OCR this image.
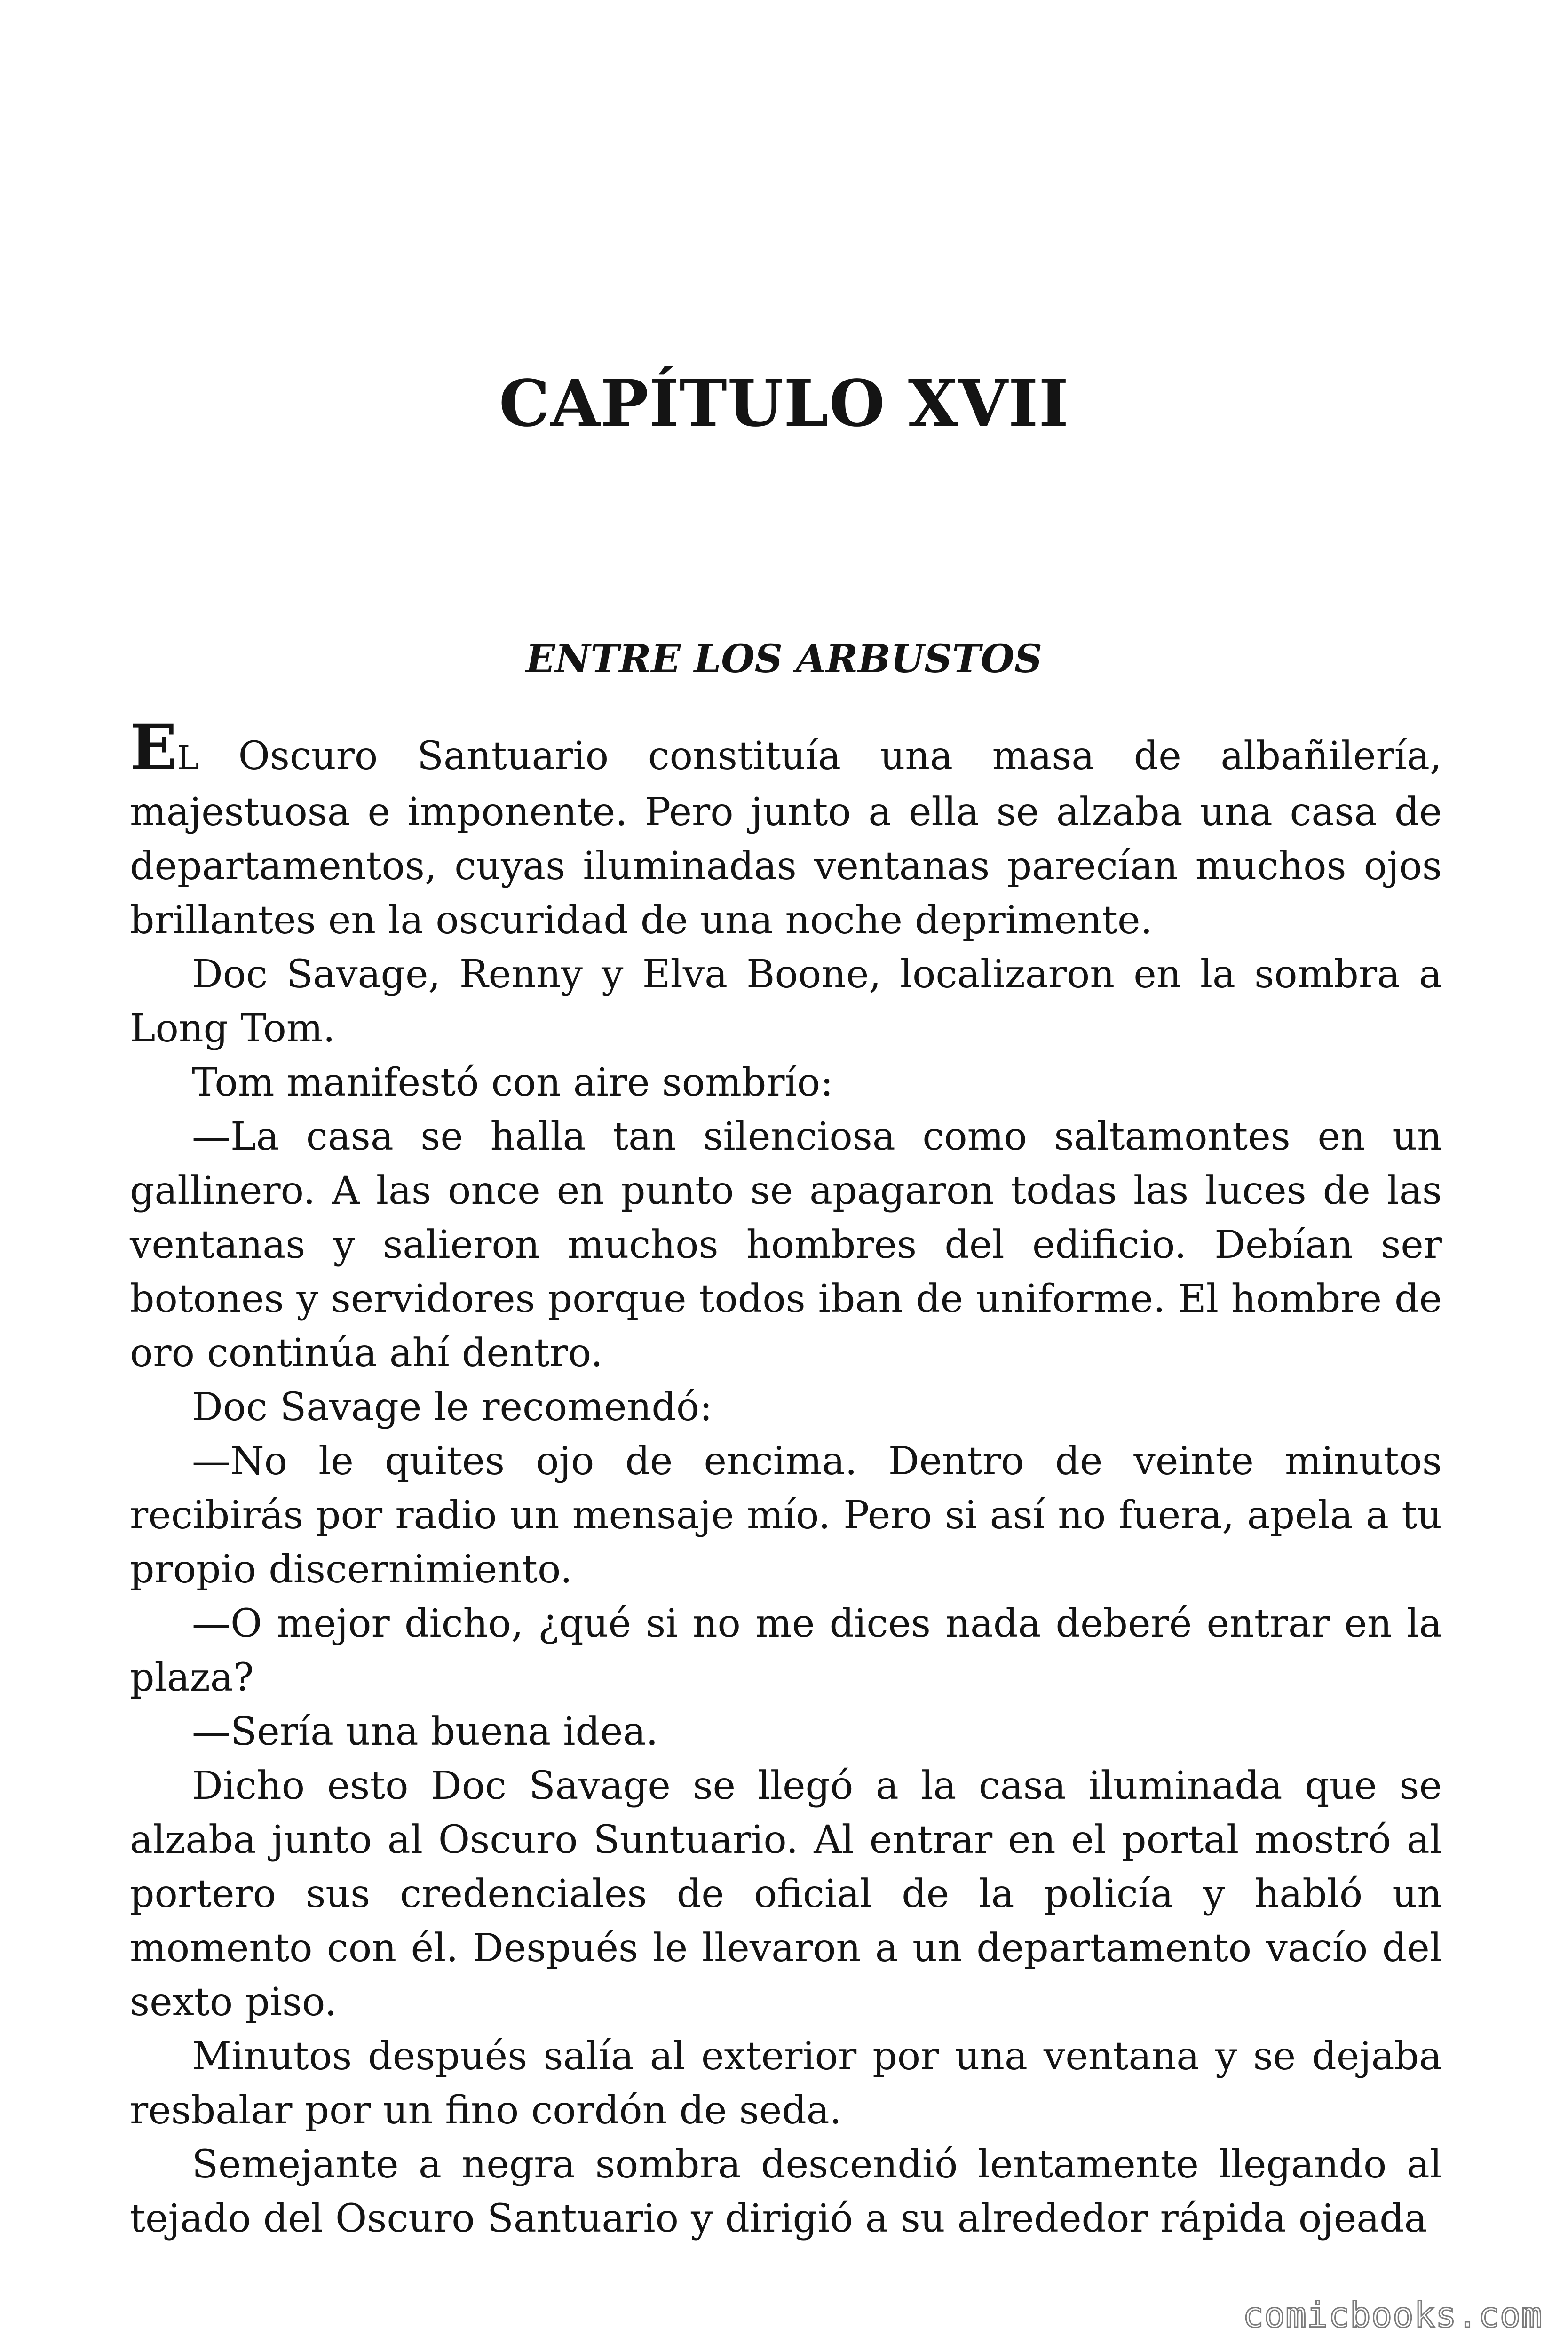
CAPÍTULO XVII
ENTRE LOS ARBUSTOS

EL Oscuro Santuario constituía una masa de albañilería, majestuosa e imponente. Pero junto a ella se alzaba una casa de departamentos, cuyas iluminadas ventanas parecían muchos ojos brillantes en la oscuridad de una noche deprimente.

Doc Savage, Renny y Elva Boone, localizaron en la sombra a Long Tom.

Tom manifestó con aire sombrío:

—La casa se halla tan silenciosa como saltamontes en un gallinero. A las once en punto se apagaron todas las luces de las ventanas y salieron muchos hombres del edificio. Debían ser botones y servidores porque todos iban de uniforme. El hombre de oro continúa ahí dentro.

Doc Savage le recomendó:

—No le quites ojo de encima. Dentro de veinte minutos recibirás por radio un mensaje mío. Pero si así no fuera, apela a tu propio discernimiento.

—O mejor dicho, ¿qué si no me dices nada deberé entrar en la plaza?

—Sería una buena idea.

Dicho esto Doc Savage se llegó a la casa iluminada que se alzaba junto al Oscuro Suntuario. Al entrar en el portal mostró al portero sus credenciales de oficial de la policía y habló un momento con él. Después le llevaron a un departamento vacío del sexto piso.

Minutos después salía al exterior por una ventana y se dejaba resbalar por un fino cordón de seda.

Semejante a negra sombra descendió lentamente llegando al tejado del Oscuro Santuario y dirigió a su alrededor rápida ojeada

comicbooks.com
